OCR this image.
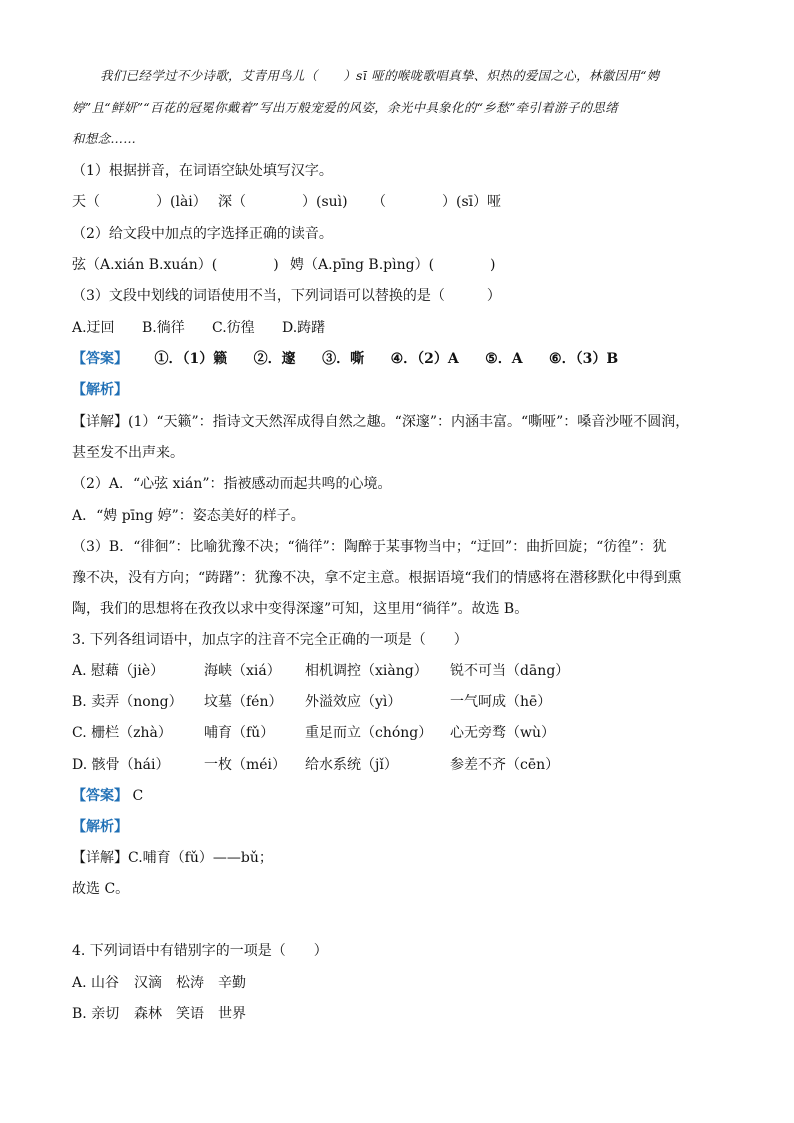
我们已经学过不少诗歌，艾青用鸟儿（　　）sī 哑的喉咙歌唱真挚、炽热的爱国之心，林徽因用“娉
婷”且“鲜妍”“百花的冠冕你戴着”写出万般宠爱的风姿，余光中具象化的“乡愁”牵引着游子的思绪
和想念……
（1）根据拼音，在词语空缺处填写汉字。
天（　　　　）(lài） 深（　　　　）(suì) （　　　　）(sī）哑
（2）给文段中加点的字选择正确的读音。
弦（A.xián B.xuán）(　　　　) 娉（A.pīng B.pìng）(　　　　)
（3）文段中划线的词语使用不当，下列词语可以替换的是（　　　）
A.迂回 B.徜徉 C.彷徨 D.踌躇
【答案】 ①．（1）籁 ②．邃 ③．嘶 ④．（2）A ⑤．A ⑥．（3）B
【解析】
【详解】(1）“天籁”：指诗文天然浑成得自然之趣。“深邃”：内涵丰富。“嘶哑”：嗓音沙哑不圆润，
甚至发不出声来。
（2）A．“心弦 xián”：指被感动而起共鸣的心境。
A．“娉 pīng 婷”：姿态美好的样子。
（3）B．“徘徊”：比喻犹豫不决；“徜徉”：陶醉于某事物当中；“迂回”：曲折回旋；“彷徨”：犹
豫不决，没有方向；“踌躇”：犹豫不决，拿不定主意。根据语境“我们的情感将在潜移默化中得到熏
陶，我们的思想将在孜孜以求中变得深邃”可知，这里用“徜徉”。故选 B。
3. 下列各组词语中，加点字的注音不完全正确的一项是（　　）
A. 慰藉（jiè）	海峡（xiá） 相机调控（xiàng） 锐不可当（dāng）
B. 卖弄（nong） 坟墓（fén） 外溢效应（yì）	一气呵成（hē）
C. 栅栏（zhà） 哺育（fǔ） 重足而立（chóng） 心无旁骛（wù）
D. 骸骨（hái） 一枚（méi） 给水系统（jǐ）	参差不齐（cēn）
【答案】 C
【解析】
【详解】C.哺育（fǔ）——bǔ；
故选 C。
4. 下列词语中有错别字的一项是（　　）
A. 山谷 汉滴 松涛 辛勤
B. 亲切 森林 笑语 世界
